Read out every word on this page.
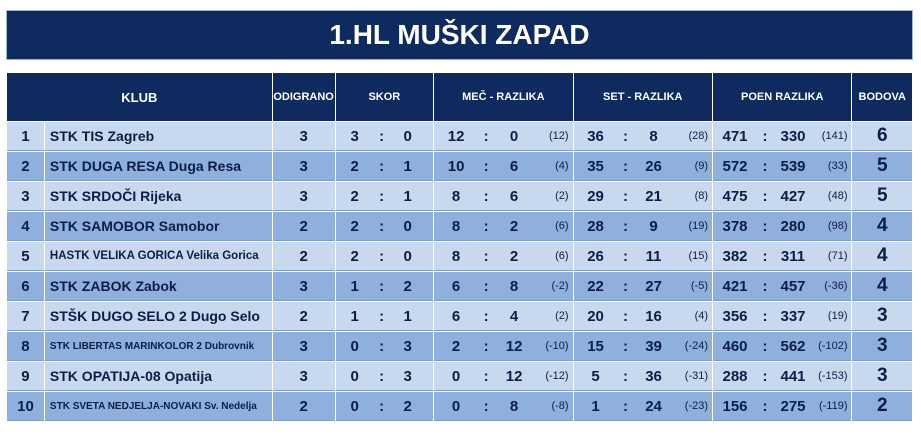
1.HL MUŠKI ZAPAD
KLUB		ODIGRANO	SKOR	MEČ - RAZLIKA	SET - RAZLIKA	POEN RAZLIKA	BODOVA
1	STK TIS Zagreb	3	3 : 0	12 : 0 (12)	36 : 8 (28)	471 : 330 (141)	6
2	STK DUGA RESA Duga Resa	3	2 : 1	10 : 6 (4)	35 : 26 (9)	572 : 539 (33)	5
3	STK SRDOČI Rijeka	3	2 : 1	8 : 6 (2)	29 : 21 (8)	475 : 427 (48)	5
4	STK SAMOBOR Samobor	2	2 : 0	8 : 2 (6)	28 : 9 (19)	378 : 280 (98)	4
5	HASTK VELIKA GORICA Velika Gorica	2	2 : 0	8 : 2 (6)	26 : 11 (15)	382 : 311 (71)	4
6	STK ZABOK Zabok	3	1 : 2	6 : 8 (-2)	22 : 27 (-5)	421 : 457 (-36)	4
7	STŠK DUGO SELO 2 Dugo Selo	2	1 : 1	6 : 4 (2)	20 : 16 (4)	356 : 337 (19)	3
8	STK LIBERTAS MARINKOLOR 2 Dubrovnik	3	0 : 3	2 : 12 (-10)	15 : 39 (-24)	460 : 562 (-102)	3
9	STK OPATIJA-08 Opatija	3	0 : 3	0 : 12 (-12)	5 : 36 (-31)	288 : 441 (-153)	3
10	STK SVETA NEDJELJA-NOVAKI Sv. Nedelja	2	0 : 2	0 : 8 (-8)	1 : 24 (-23)	156 : 275 (-119)	2
